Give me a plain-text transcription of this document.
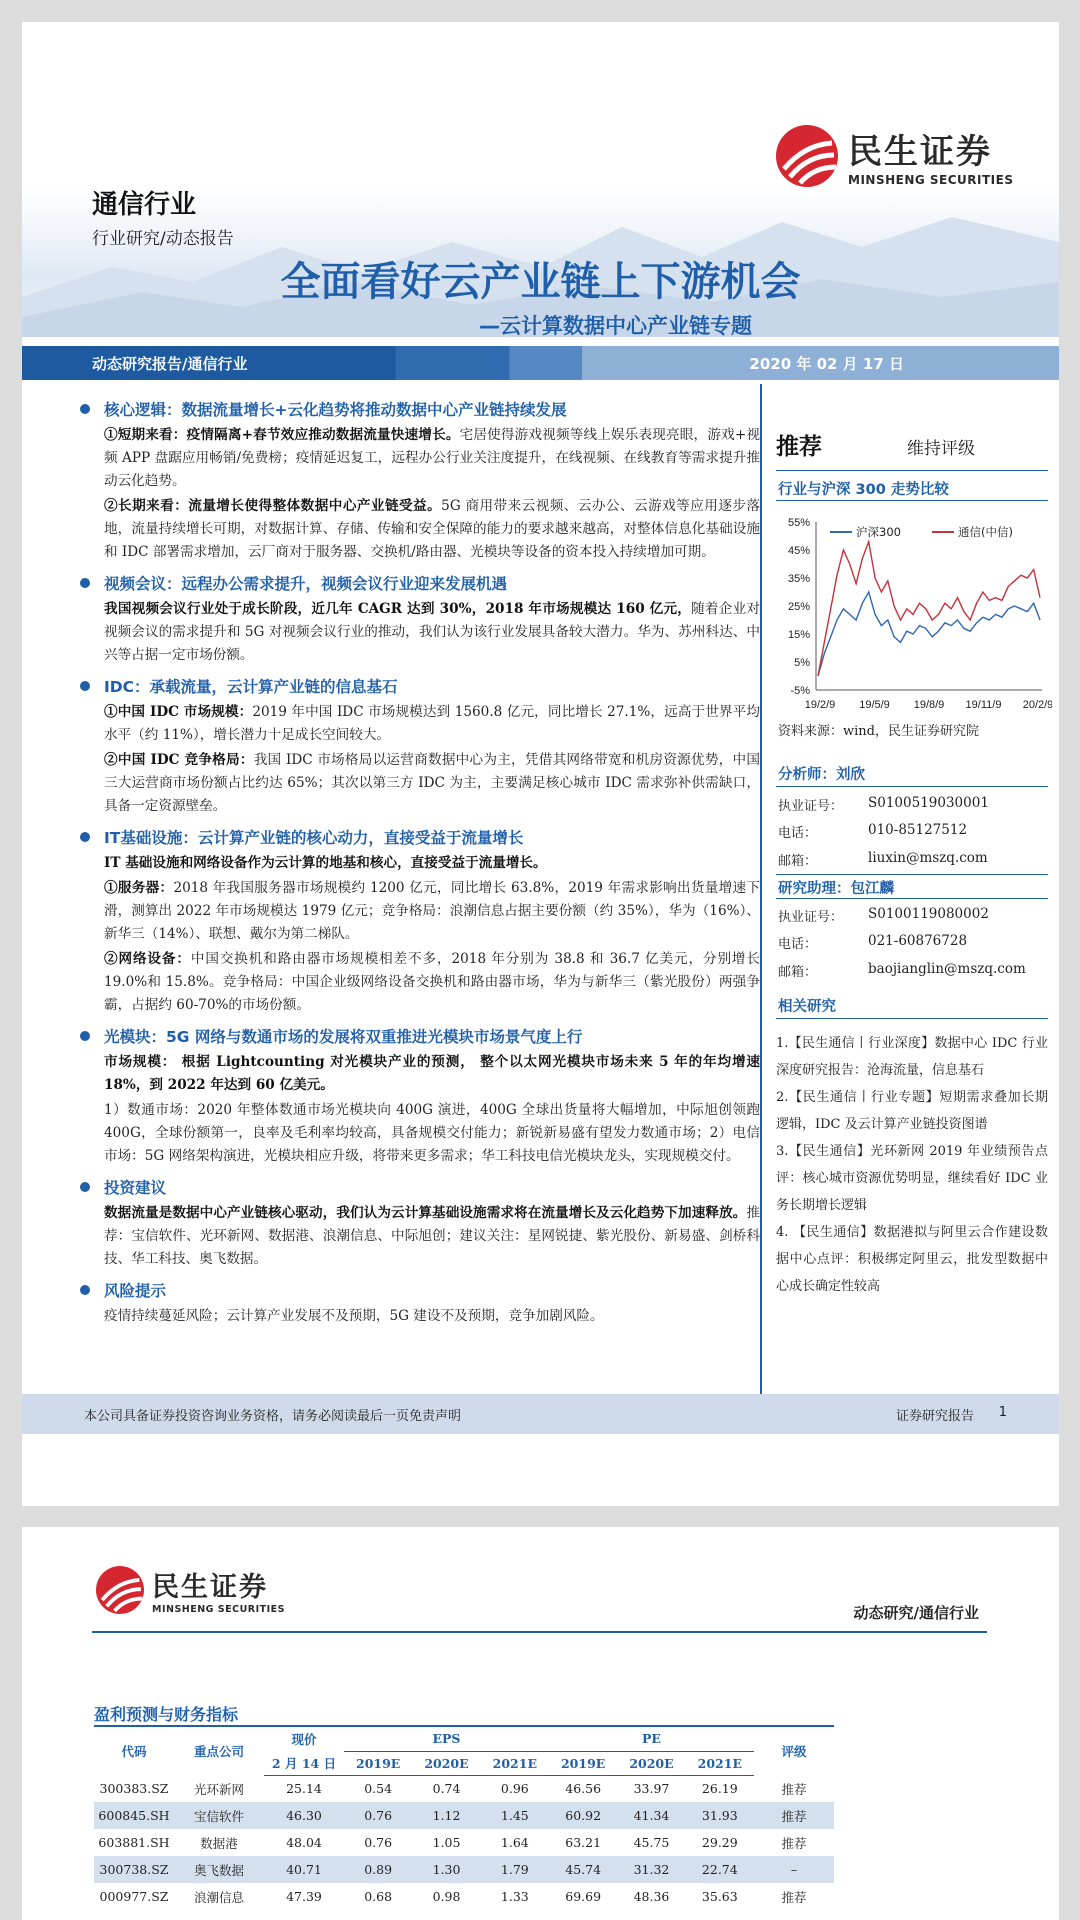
民生证券
MINSHENG SECURITIES
通信行业
行业研究/动态报告
全面看好云产业链上下游机会
—云计算数据中心产业链专题
动态研究报告/通信行业	2020 年 02 月 17 日
核心逻辑：数据流量增长+云化趋势将推动数据中心产业链持续发展
①短期来看：疫情隔离+春节效应推动数据流量快速增长。宅居使得游戏视频等线上娱乐表现亮眼，游戏+视频 APP 盘踞应用畅销/免费榜；疫情延迟复工，远程办公行业关注度提升，在线视频、在线教育等需求提升推动云化趋势。
②长期来看：流量增长使得整体数据中心产业链受益。5G 商用带来云视频、云办公、云游戏等应用逐步落地，流量持续增长可期，对数据计算、存储、传输和安全保障的能力的要求越来越高，对整体信息化基础设施和 IDC 部署需求增加，云厂商对于服务器、交换机/路由器、光模块等设备的资本投入持续增加可期。
视频会议：远程办公需求提升，视频会议行业迎来发展机遇
我国视频会议行业处于成长阶段，近几年 CAGR 达到 30%，2018 年市场规模达 160 亿元，随着企业对视频会议的需求提升和 5G 对视频会议行业的推动，我们认为该行业发展具备较大潜力。华为、苏州科达、中兴等占据一定市场份额。
IDC：承载流量，云计算产业链的信息基石
①中国 IDC 市场规模：2019 年中国 IDC 市场规模达到 1560.8 亿元，同比增长 27.1%，远高于世界平均水平（约 11%），增长潜力十足成长空间较大。
②中国 IDC 竞争格局：我国 IDC 市场格局以运营商数据中心为主，凭借其网络带宽和机房资源优势，中国三大运营商市场份额占比约达 65%；其次以第三方 IDC 为主，主要满足核心城市 IDC 需求弥补供需缺口，具备一定资源壁垒。
IT基础设施：云计算产业链的核心动力，直接受益于流量增长
IT 基础设施和网络设备作为云计算的地基和核心，直接受益于流量增长。
①服务器：2018 年我国服务器市场规模约 1200 亿元，同比增长 63.8%，2019 年需求影响出货量增速下滑，测算出 2022 年市场规模达 1979 亿元；竞争格局：浪潮信息占据主要份额（约 35%），华为（16%）、新华三（14%）、联想、戴尔为第二梯队。
②网络设备：中国交换机和路由器市场规模相差不多，2018 年分别为 38.8 和 36.7 亿美元，分别增长 19.0%和 15.8%。竞争格局：中国企业级网络设备交换机和路由器市场，华为与新华三（紫光股份）两强争霸，占据约 60-70%的市场份额。
光模块：5G 网络与数通市场的发展将双重推进光模块市场景气度上行
市场规模： 根据 Lightcounting 对光模块产业的预测， 整个以太网光模块市场未来 5 年的年均增速 18%，到 2022 年达到 60 亿美元。
1）数通市场：2020 年整体数通市场光模块向 400G 演进，400G 全球出货量将大幅增加，中际旭创领跑 400G，全球份额第一，良率及毛利率均较高，具备规模交付能力；新锐新易盛有望发力数通市场；2）电信市场：5G 网络架构演进，光模块相应升级，将带来更多需求；华工科技电信光模块龙头，实现规模交付。
投资建议
数据流量是数据中心产业链核心驱动，我们认为云计算基础设施需求将在流量增长及云化趋势下加速释放。推荐：宝信软件、光环新网、数据港、浪潮信息、中际旭创；建议关注：星网锐捷、紫光股份、新易盛、剑桥科技、华工科技、奥飞数据。
风险提示
疫情持续蔓延风险；云计算产业发展不及预期，5G 建设不及预期，竞争加剧风险。
推荐	维持评级
行业与沪深 300 走势比较
55%
45%
35%
25%
15%
5%
-5%
19/2/9 19/5/9 19/8/9 19/11/9 20/2/9
沪深300	通信(中信)
资料来源：wind，民生证券研究院
分析师：刘欣
执业证号：	S0100519030001
电话：	010-85127512
邮箱：	liuxin@mszq.com
研究助理：包江麟
执业证号：	S0100119080002
电话：	021-60876728
邮箱：	baojianglin@mszq.com
相关研究
1.【民生通信丨行业深度】数据中心 IDC 行业深度研究报告：沧海流量，信息基石
2.【民生通信丨行业专题】短期需求叠加长期逻辑，IDC 及云计算产业链投资图谱
3.【民生通信】光环新网 2019 年业绩预告点评：核心城市资源优势明显，继续看好 IDC 业务长期增长逻辑
4. 【民生通信】数据港拟与阿里云合作建设数据中心点评：积极绑定阿里云，批发型数据中心成长确定性较高
本公司具备证券投资咨询业务资格，请务必阅读最后一页免责声明	证券研究报告 1
民生证券
MINSHENG SECURITIES	动态研究/通信行业
盈利预测与财务指标
代码	重点公司	现价	EPS			PE			评级
		2 月 14 日	2019E	2020E	2021E	2019E	2020E	2021E	
300383.SZ	光环新网	25.14	0.54	0.74	0.96	46.56	33.97	26.19	推荐
600845.SH	宝信软件	46.30	0.76	1.12	1.45	60.92	41.34	31.93	推荐
603881.SH	数据港	48.04	0.76	1.05	1.64	63.21	45.75	29.29	推荐
300738.SZ	奥飞数据	40.71	0.89	1.30	1.79	45.74	31.32	22.74	–
000977.SZ	浪潮信息	47.39	0.68	0.98	1.33	69.69	48.36	35.63	推荐
